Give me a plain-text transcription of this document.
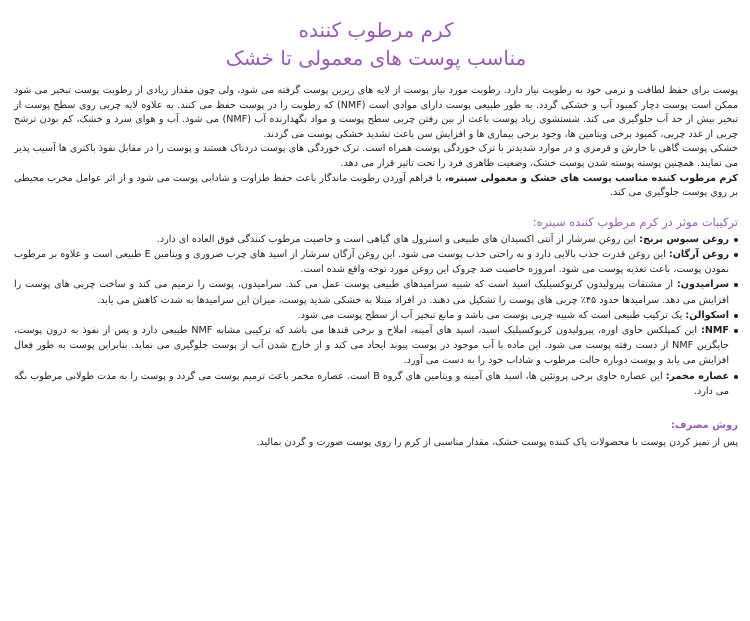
کرم مرطوب کننده
مناسب پوست های معمولی تا خشک

پوست برای حفظ لطافت و نرمی خود به رطوبت نیاز دارد. رطوبت مورد نیاز پوست از لایه های زیرین پوست گرفته می شود، ولی چون مقدار زیادی از رطوبت پوست تبخیر می شود ممکن است پوست دچار کمبود آب و خشکی گردد. به طور طبیعی پوست دارای موادی است (NMF) که رطوبت را در پوست حفظ می کنند. به علاوه لایه چربی روی سطح پوست از تبخیر بیش از حد آب جلوگیری می کند. شستشوی زیاد پوست باعث از بین رفتن چربی سطح پوست و مواد نگهدارنده آب (NMF) می شود. آب و هوای سرد و خشک، کم بودن ترشح چربی از غدد چربی، کمبود برخی ویتامین ها، وجود برخی بیماری ها و افزایش سن باعث تشدید خشکی پوست می گردند.

خشکی پوست گاهی با خارش و قرمزی و در موارد شدیدتر با ترک خوردگی پوست همراه است. ترک خوردگی های پوست دردناک هستند و پوست را در مقابل نفوذ باکتری ها آسیب پذیر می نمایند. همچنین پوسته پوسته شدن پوست خشک، وضعیت ظاهری فرد را تحت تاثیر قرار می دهد.

کرم مرطوب کننده مناسب پوست های خشک و معمولی سینره، با فراهم آوردن رطوبت ماندگار باعث حفظ طراوت و شادابی پوست می شود و از اثر عوامل مخرب محیطی بر روی پوست جلوگیری می کند.

ترکیبات موثر در کرم مرطوب کننده سینره:
روغن سبوس برنج: این روغن سرشار از آنتی اکسیدان های طبیعی و استرول های گیاهی است و خاصیت مرطوب کنندگی فوق العاده ای دارد.
روغن آرگان: این روغن قدرت جذب بالایی دارد و به راحتی جذب پوست می شود. این روغن آرگان سرشار از اسید های چرب ضروری و ویتامین E طبیعی است و علاوه بر مرطوب نمودن پوست، باعث تغذیه پوست می شود. امروزه خاصیت ضد چروک این روغن مورد توجه واقع شده است.
سرامیدون: از مشتقات پیرولیدون کربوکسیلیک اسید است که شبیه سرامیدهای طبیعی پوست عمل می کند. سرامیدون، پوست را ترمیم می کند و ساخت چربی های پوست را افزایش می دهد. سرامیدها حدود ۴۵٪ چربی های پوست را تشکیل می دهند. در افراد مبتلا به خشکی شدید پوست، میزان این سرامیدها به شدت کاهش می یابد.
اسکوالن: یک ترکیب طبیعی است که شبیه چربی پوست می باشد و مانع تبخیر آب از سطح پوست می شود.
NMF: این کمپلکس حاوی اوره، پیرولیدون کربوکسیلیک اسید، اسید های آمینه، املاح و برخی قندها می باشد که ترکیبی مشابه NMF طبیعی دارد و پس از نفوذ به درون پوست، جایگزین NMF از دست رفته پوست می شود. این ماده با آب موجود در پوست پیوند ایجاد می کند و از خارج شدن آب از پوست جلوگیری می نماید. بنابراین پوست به طور فعال افزایش می یابد و پوست دوباره حالت مرطوب و شاداب خود را به دست می آورد.
عصاره مخمر: این عصاره حاوی برخی پروتئین ها، اسید های آمینه و ویتامین های گروه B است. عصاره مخمر باعث ترمیم پوست می گردد و پوست را به مدت طولانی مرطوب نگه می دارد.
روش مصرف:

پس از تمیز کردن پوست با محصولات پاک کننده پوست خشک، مقدار مناسبی از کرم را روی پوست صورت و گردن بمالید.
